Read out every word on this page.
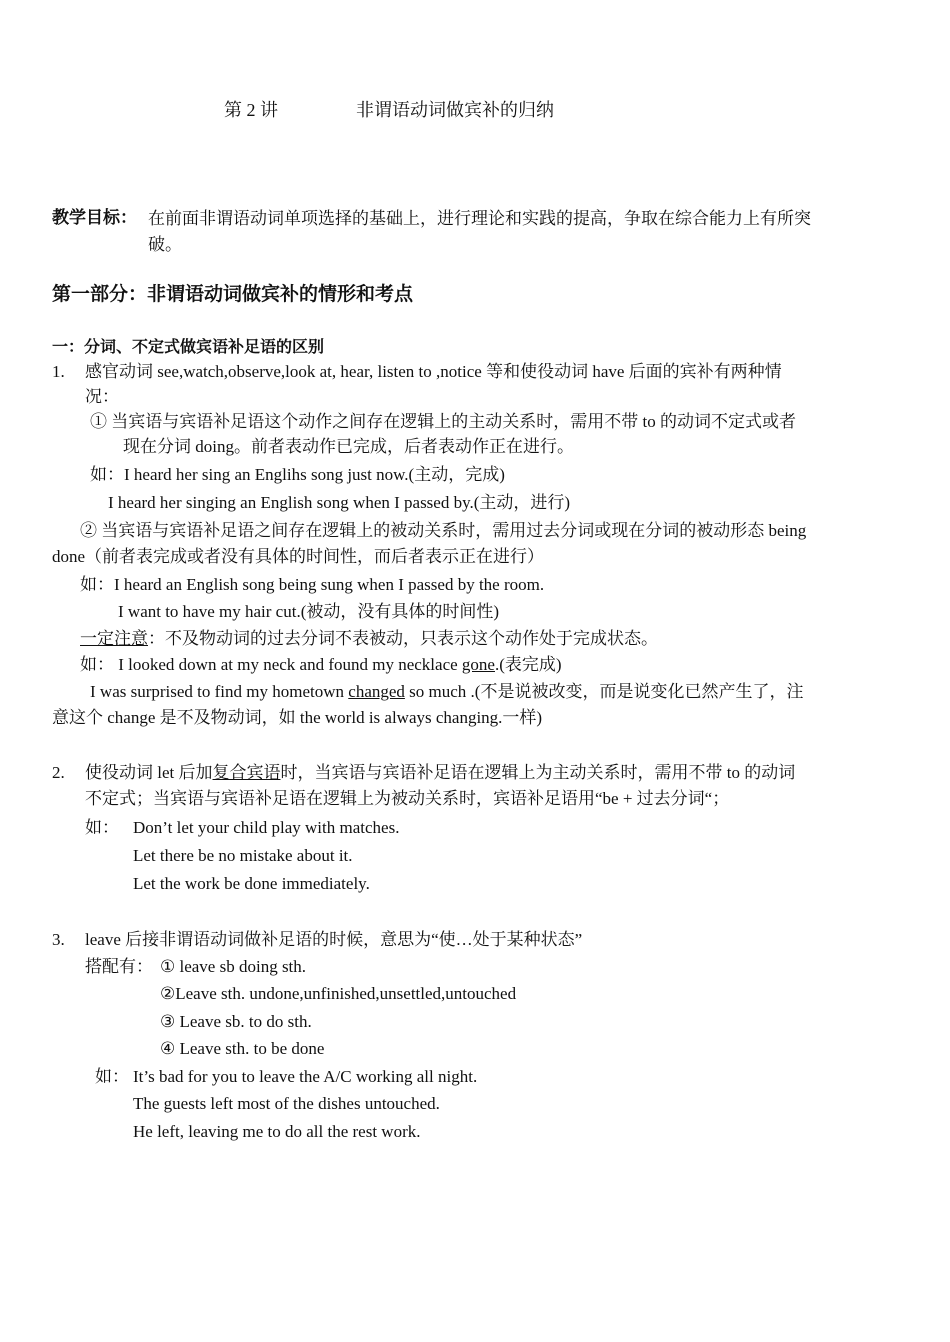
第 2 讲	非谓语动词做宾补的归纳
教学目标： 在前面非谓语动词单项选择的基础上，进行理论和实践的提高，争取在综合能力上有所突
破。
第一部分：非谓语动词做宾补的情形和考点
一：分词、不定式做宾语补足语的区别
1. 感官动词 see,watch,observe,look at, hear, listen to ,notice 等和使役动词 have 后面的宾补有两种情
况：
① 当宾语与宾语补足语这个动作之间存在逻辑上的主动关系时，需用不带 to 的动词不定式或者
现在分词 doing。前者表动作已完成，后者表动作正在进行。
如：I heard her sing an Englihs song just now.(主动，完成)
I heard her singing an English song when I passed by.(主动，进行)
② 当宾语与宾语补足语之间存在逻辑上的被动关系时，需用过去分词或现在分词的被动形态 being
done（前者表完成或者没有具体的时间性，而后者表示正在进行）
如：I heard an English song being sung when I passed by the room.
I want to have my hair cut.(被动，没有具体的时间性)
一定注意：不及物动词的过去分词不表被动，只表示这个动作处于完成状态。
如： I looked down at my neck and found my necklace gone.(表完成)
I was surprised to find my hometown changed so much .(不是说被改变，而是说变化已然产生了，注
意这个 change 是不及物动词，如 the world is always changing.一样)
2. 使役动词 let 后加复合宾语时，当宾语与宾语补足语在逻辑上为主动关系时，需用不带 to 的动词
不定式；当宾语与宾语补足语在逻辑上为被动关系时，宾语补足语用“be + 过去分词“；
如： Don’t let your child play with matches.
Let there be no mistake about it.
Let the work be done immediately.
3. leave 后接非谓语动词做补足语的时候，意思为“使…处于某种状态”
搭配有： ① leave sb doing sth.
②Leave sth. undone,unfinished,unsettled,untouched
③ Leave sb. to do sth.
④ Leave sth. to be done
如： It’s bad for you to leave the A/C working all night.
The guests left most of the dishes untouched.
He left, leaving me to do all the rest work.
